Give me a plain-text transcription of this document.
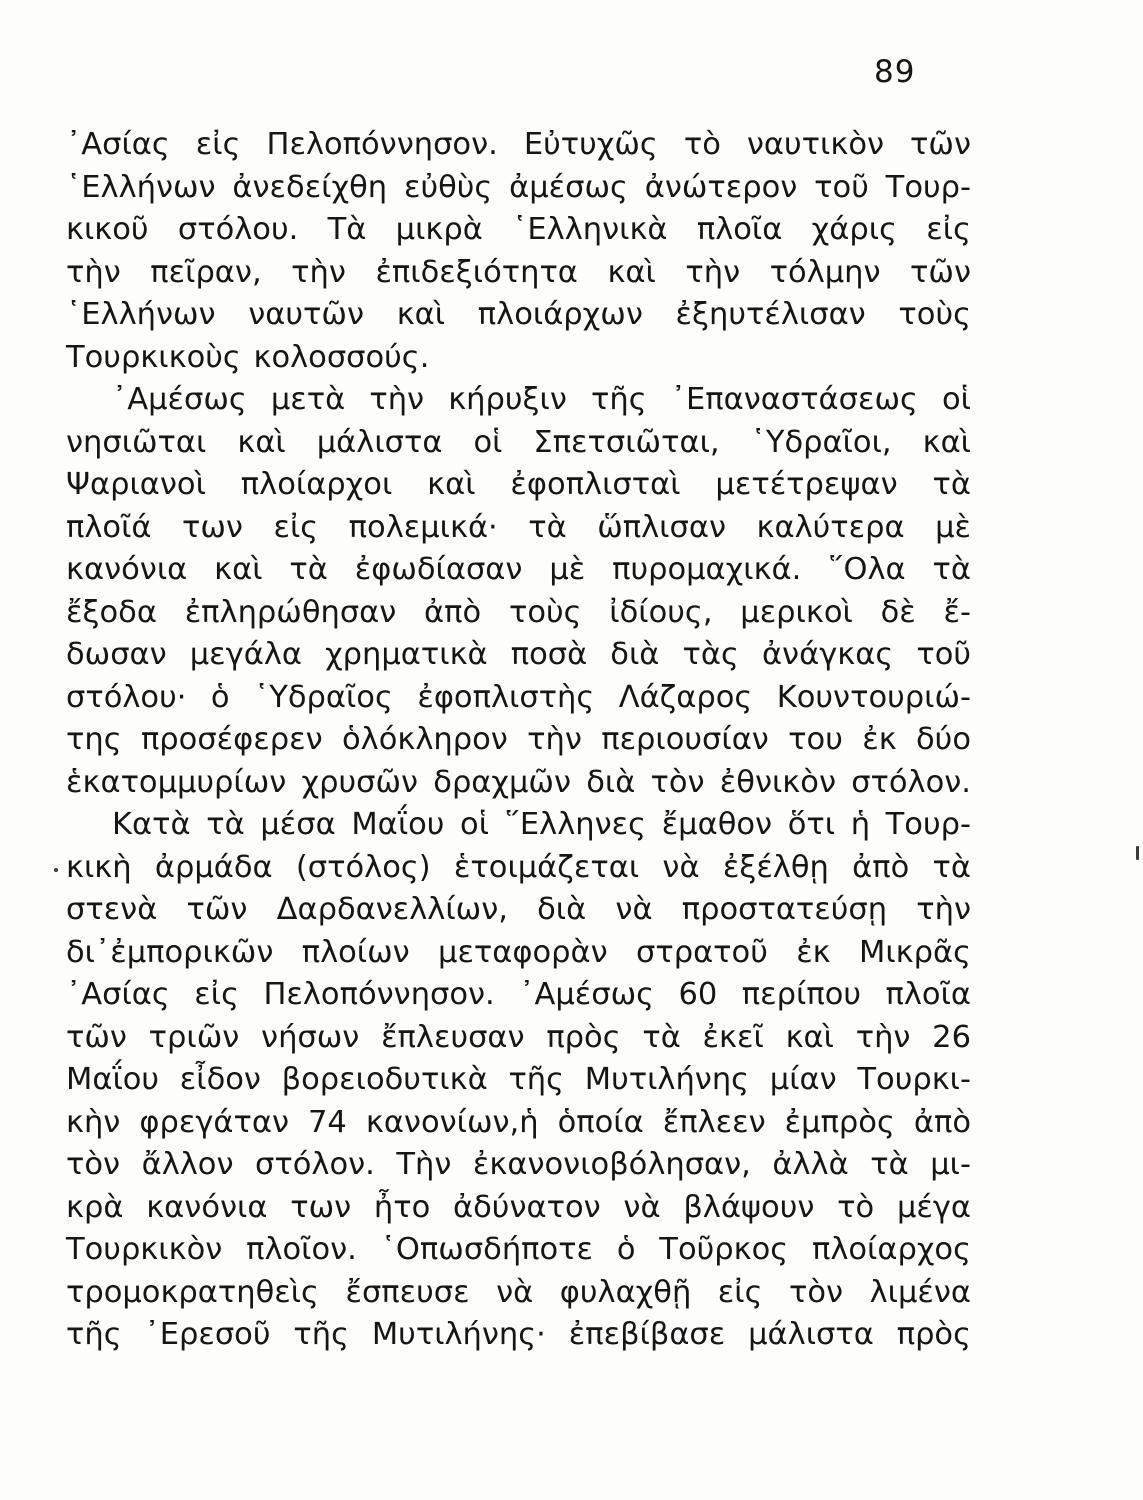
89
᾿Ασίας εἰς Πελοπόννησον. Εὐτυχῶς τὸ ναυτικὸν τῶν
῾Ελλήνων ἀνεδείχθη εὐθὺς ἀμέσως ἀνώτερον τοῦ Τουρ-
κικοῦ στόλου. Τὰ μικρὰ ῾Ελληνικὰ πλοῖα χάρις εἰς
τὴν πεῖραν, τὴν ἐπιδεξιότητα καὶ τὴν τόλμην τῶν
῾Ελλήνων ναυτῶν καὶ πλοιάρχων ἐξηυτέλισαν τοὺς
Τουρκικοὺς κολοσσούς.
᾿Αμέσως μετὰ τὴν κήρυξιν τῆς ᾿Επαναστάσεως οἱ
νησιῶται καὶ μάλιστα οἱ Σπετσιῶται, ῾Υδραῖοι, καὶ
Ψαριανοὶ πλοίαρχοι καὶ ἐφοπλισταὶ μετέτρεψαν τὰ
πλοῖά των εἰς πολεμικά· τὰ ὥπλισαν καλύτερα μὲ
κανόνια καὶ τὰ ἐφωδίασαν μὲ πυρομαχικά. ῞Ολα τὰ
ἔξοδα ἐπληρώθησαν ἀπὸ τοὺς ἰδίους, μερικοὶ δὲ ἔ-
δωσαν μεγάλα χρηματικὰ ποσὰ διὰ τὰς ἀνάγκας τοῦ
στόλου· ὁ ῾Υδραῖος ἐφοπλιστὴς Λάζαρος Κουντουριώ-
της προσέφερεν ὁλόκληρον τὴν περιουσίαν του ἐκ δύο
ἑκατομμυρίων χρυσῶν δραχμῶν διὰ τὸν ἐθνικὸν στόλον.
Κατὰ τὰ μέσα Μαΐου οἱ ῞Ελληνες ἔμαθον ὅτι ἡ Τουρ-
κικὴ ἀρμάδα (στόλος) ἑτοιμάζεται νὰ ἐξέλθῃ ἀπὸ τὰ
στενὰ τῶν Δαρδανελλίων, διὰ νὰ προστατεύσῃ τὴν
δι᾿ἐμπορικῶν πλοίων μεταφορὰν στρατοῦ ἐκ Μικρᾶς
᾿Ασίας εἰς Πελοπόννησον. ᾿Αμέσως 60 περίπου πλοῖα
τῶν τριῶν νήσων ἔπλευσαν πρὸς τὰ ἐκεῖ καὶ τὴν 26
Μαΐου εἶδον βορειοδυτικὰ τῆς Μυτιλήνης μίαν Τουρκι-
κὴν φρεγάταν 74 κανονίων,ἡ ὁποία ἔπλεεν ἐμπρὸς ἀπὸ
τὸν ἄλλον στόλον. Τὴν ἐκανονιοβόλησαν, ἀλλὰ τὰ μι-
κρὰ κανόνια των ἦτο ἀδύνατον νὰ βλάψουν τὸ μέγα
Τουρκικὸν πλοῖον. ῾Οπωσδήποτε ὁ Τοῦρκος πλοίαρχος
τρομοκρατηθεὶς ἔσπευσε νὰ φυλαχθῇ εἰς τὸν λιμένα
τῆς ᾿Ερεσοῦ τῆς Μυτιλήνης· ἐπεβίβασε μάλιστα πρὸς
